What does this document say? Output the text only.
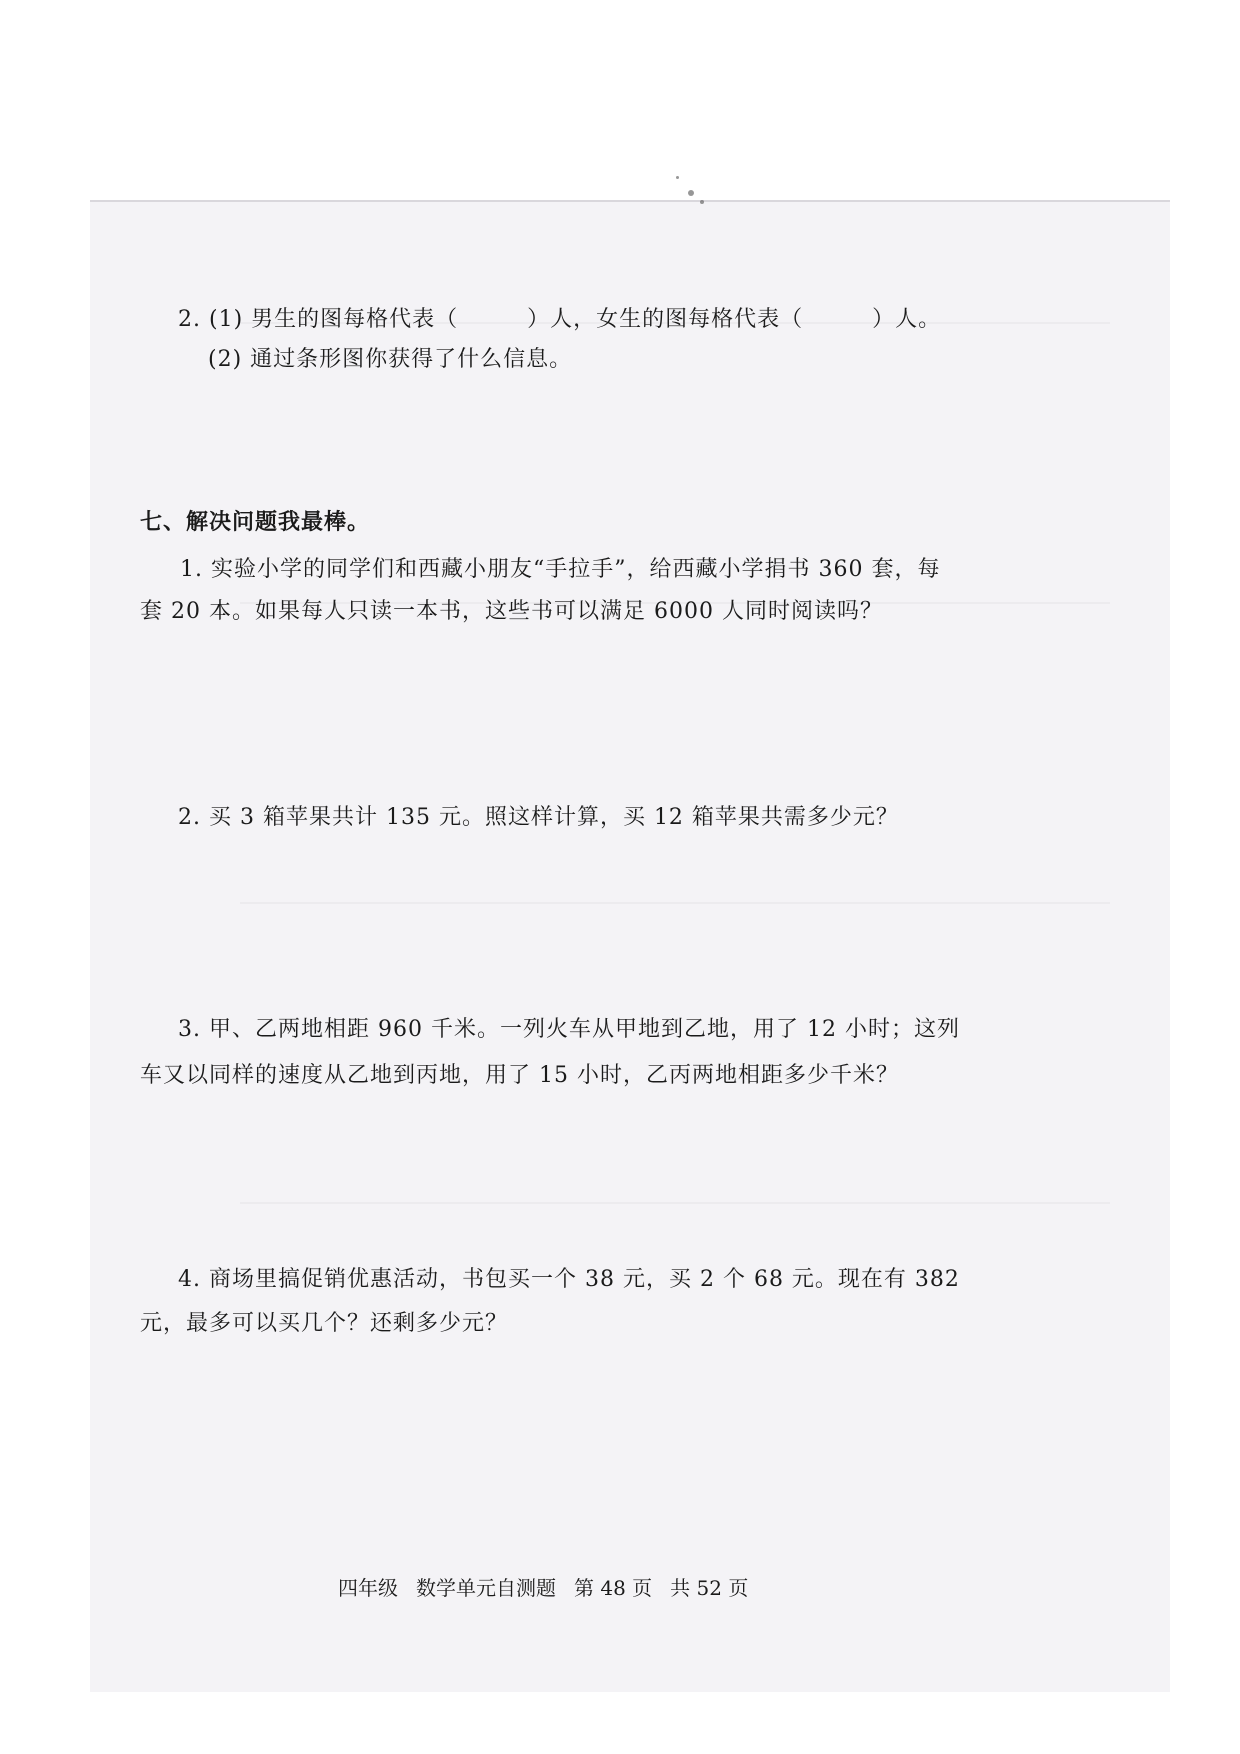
2. (1) 男生的图每格代表（　　　）人，女生的图每格代表（　　　）人。
(2) 通过条形图你获得了什么信息。
七、解决问题我最棒。
1. 实验小学的同学们和西藏小朋友“手拉手”，给西藏小学捐书 360 套，每
套 20 本。如果每人只读一本书，这些书可以满足 6000 人同时阅读吗？
2. 买 3 箱苹果共计 135 元。照这样计算，买 12 箱苹果共需多少元？
3. 甲、乙两地相距 960 千米。一列火车从甲地到乙地，用了 12 小时；这列
车又以同样的速度从乙地到丙地，用了 15 小时，乙丙两地相距多少千米？
4. 商场里搞促销优惠活动，书包买一个 38 元，买 2 个 68 元。现在有 382
元，最多可以买几个？还剩多少元？
四年级 数学单元自测题 第 48 页 共 52 页
